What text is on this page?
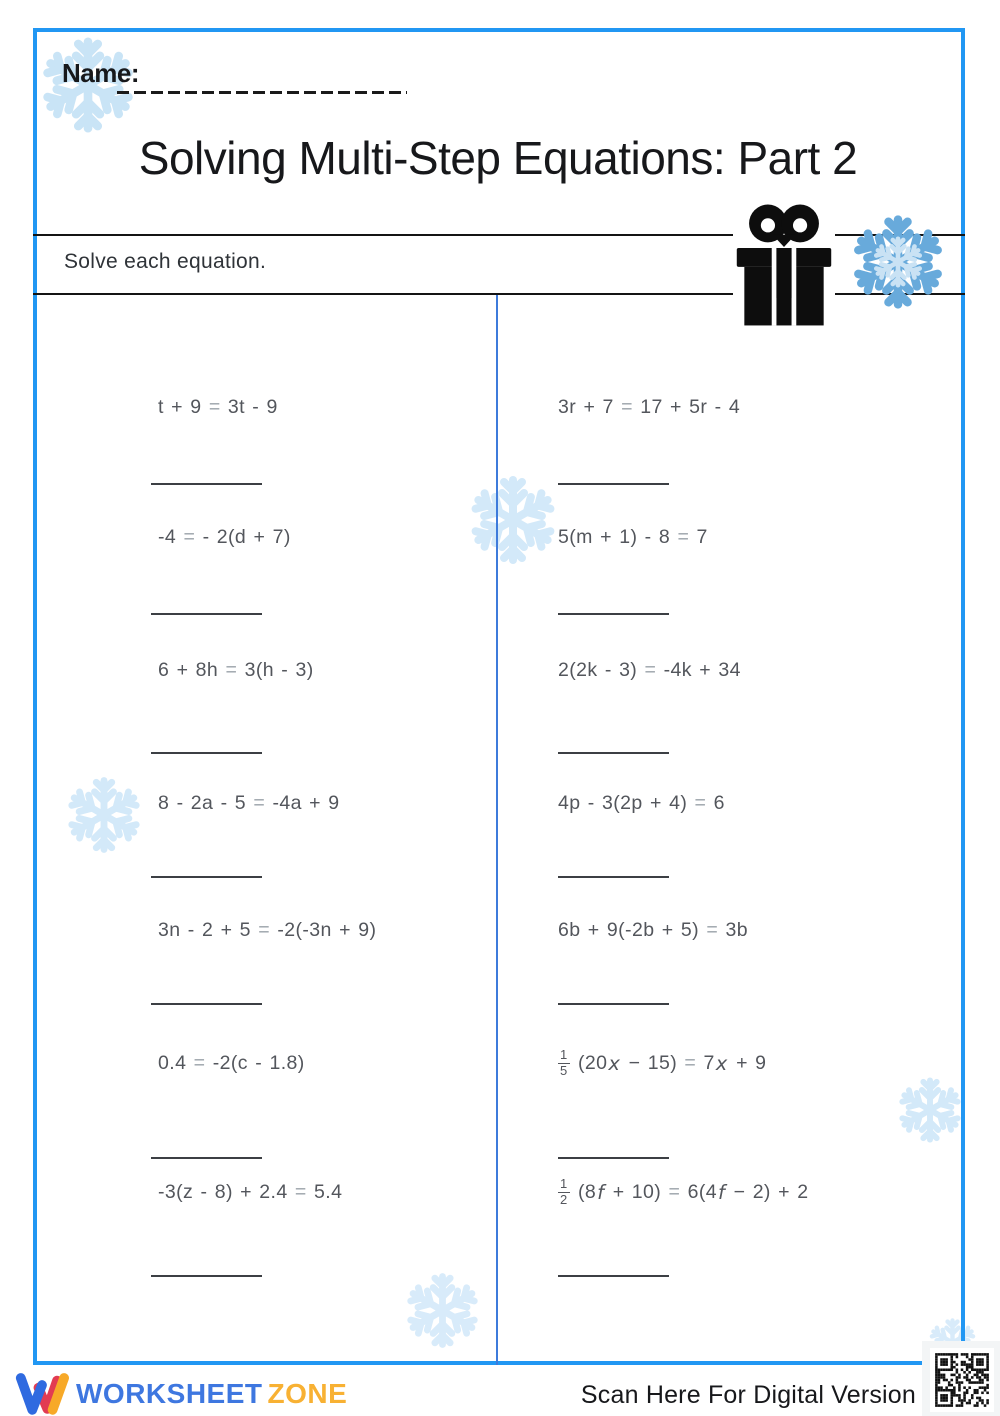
Name:
Solving Multi-Step Equations: Part 2
Solve each equation.
t + 9 = 3t - 9
-4 = - 2(d + 7)
6 + 8h = 3(h - 3)
8 - 2a - 5 = -4a + 9
3n - 2 + 5 = -2(-3n + 9)
0.4 = -2(c - 1.8)
-3(z - 8) + 2.4 = 5.4
3r + 7 = 17 + 5r - 4
5(m + 1) - 8 = 7
2(2k - 3) = -4k + 34
4p - 3(2p + 4) = 6
6b + 9(-2b + 5) = 3b
$\frac{1}{5} (20$ x − 15) = 7 x + 9
$\frac{1}{2} (8$ f + 10) = 6(4 f − 2) + 2
WORKSHEET ZONE	Scan Here For Digital Version
